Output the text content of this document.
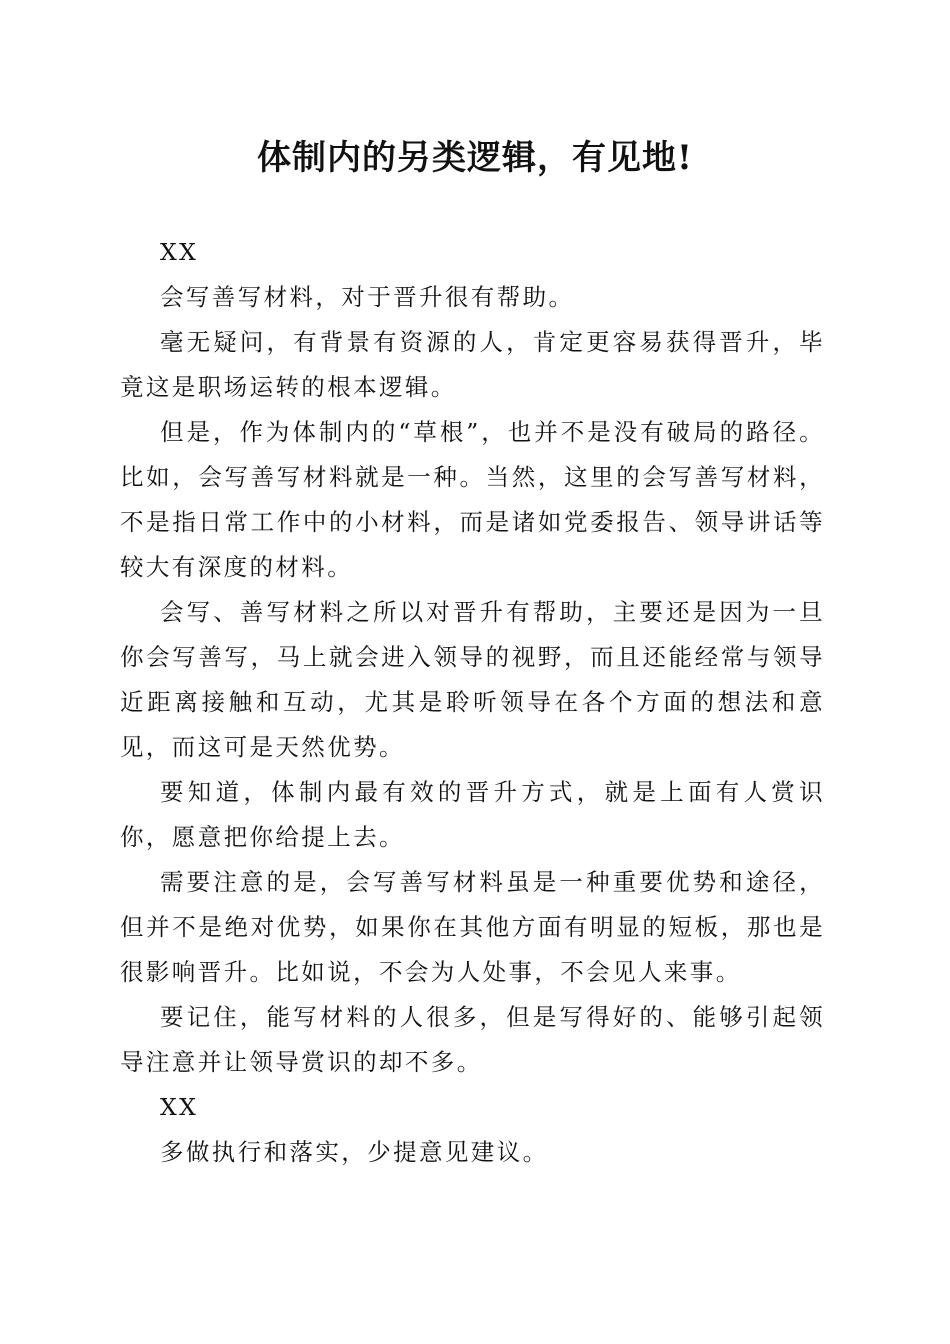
体制内的另类逻辑，有见地!

XX

会写善写材料，对于晋升很有帮助。

毫无疑问，有背景有资源的人，肯定更容易获得晋升，毕竟这是职场运转的根本逻辑。

但是，作为体制内的“草根”，也并不是没有破局的路径。比如，会写善写材料就是一种。当然，这里的会写善写材料，不是指日常工作中的小材料，而是诸如党委报告、领导讲话等较大有深度的材料。

会写、善写材料之所以对晋升有帮助，主要还是因为一旦你会写善写，马上就会进入领导的视野，而且还能经常与领导近距离接触和互动，尤其是聆听领导在各个方面的想法和意见，而这可是天然优势。

要知道，体制内最有效的晋升方式，就是上面有人赏识你，愿意把你给提上去。

需要注意的是，会写善写材料虽是一种重要优势和途径，但并不是绝对优势，如果你在其他方面有明显的短板，那也是很影响晋升。比如说，不会为人处事，不会见人来事。

要记住，能写材料的人很多，但是写得好的、能够引起领导注意并让领导赏识的却不多。

XX

多做执行和落实，少提意见建议。
